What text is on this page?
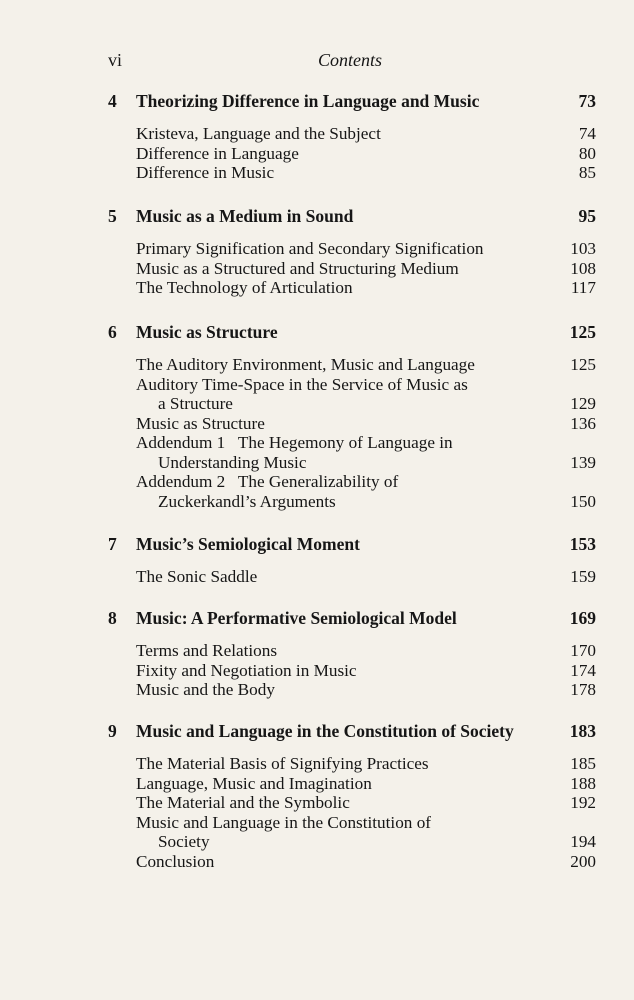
vi	Contents
4 Theorizing Difference in Language and Music	73
Kristeva, Language and the Subject	74
Difference in Language	80
Difference in Music	85
5 Music as a Medium in Sound	95
Primary Signification and Secondary Signification	103
Music as a Structured and Structuring Medium	108
The Technology of Articulation	117
6 Music as Structure	125
The Auditory Environment, Music and Language	125
Auditory Time-Space in the Service of Music as
a Structure	129
Music as Structure	136
Addendum 1   The Hegemony of Language in
Understanding Music	139
Addendum 2   The Generalizability of
Zuckerkandl’s Arguments	150
7 Music’s Semiological Moment	153
The Sonic Saddle	159
8 Music: A Performative Semiological Model	169
Terms and Relations	170
Fixity and Negotiation in Music	174
Music and the Body	178
9 Music and Language in the Constitution of Society	183
The Material Basis of Signifying Practices	185
Language, Music and Imagination	188
The Material and the Symbolic	192
Music and Language in the Constitution of
Society	194
Conclusion	200
